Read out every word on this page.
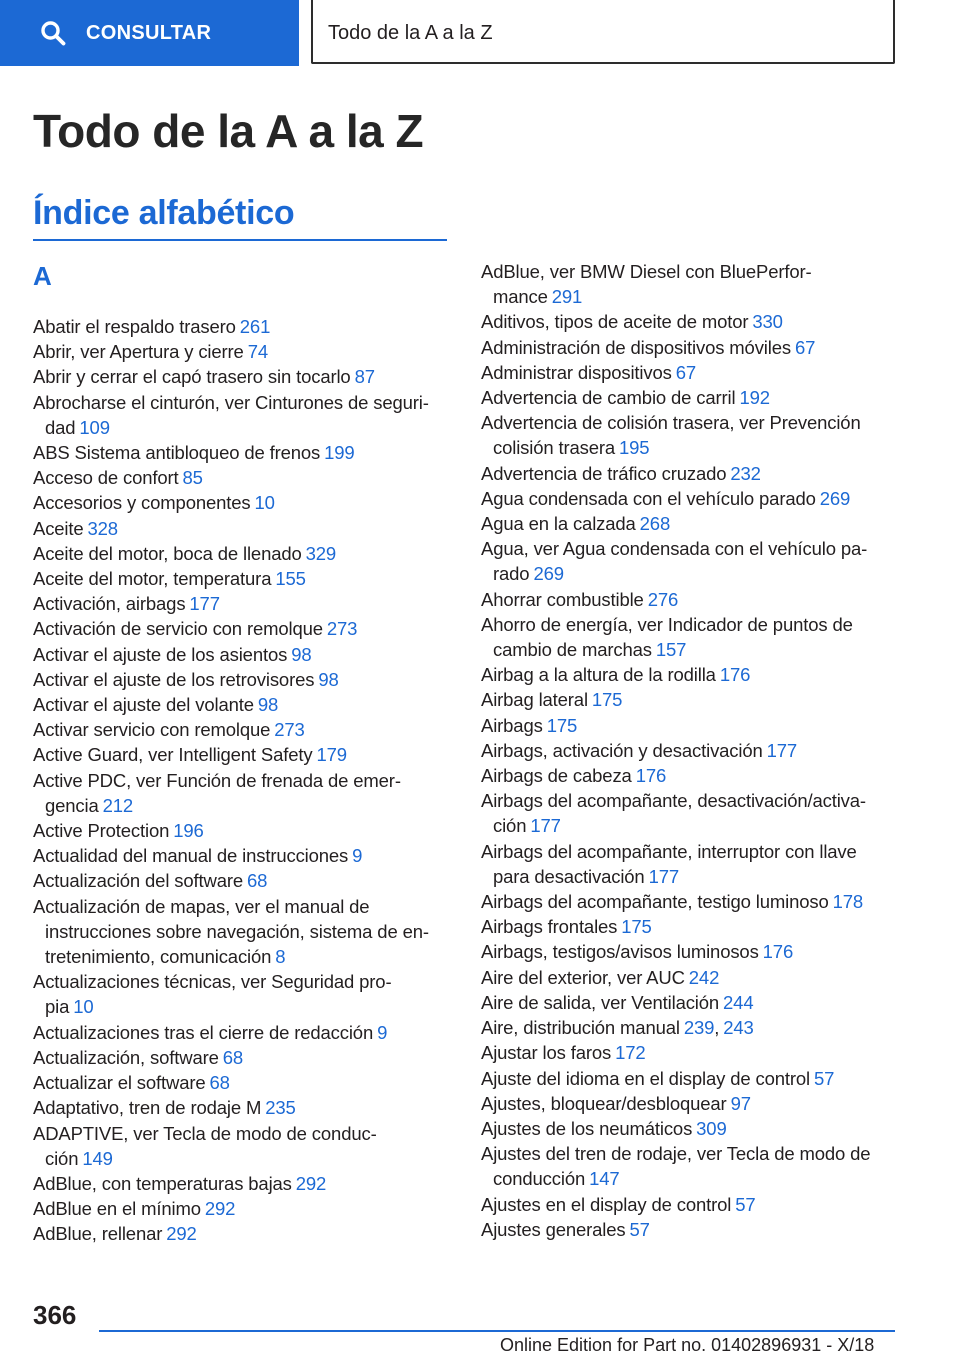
CONSULTAR	Todo de la A a la Z
Todo de la A a la Z
Índice alfabético
A
Abatir el respaldo trasero 261
Abrir, ver Apertura y cierre 74
Abrir y cerrar el capó trasero sin tocarlo 87
Abrocharse el cinturón, ver Cinturones de seguri-
dad 109
ABS Sistema antibloqueo de frenos 199
Acceso de confort 85
Accesorios y componentes 10
Aceite 328
Aceite del motor, boca de llenado 329
Aceite del motor, temperatura 155
Activación, airbags 177
Activación de servicio con remolque 273
Activar el ajuste de los asientos 98
Activar el ajuste de los retrovisores 98
Activar el ajuste del volante 98
Activar servicio con remolque 273
Active Guard, ver Intelligent Safety 179
Active PDC, ver Función de frenada de emer-
gencia 212
Active Protection 196
Actualidad del manual de instrucciones 9
Actualización del software 68
Actualización de mapas, ver el manual de
instrucciones sobre navegación, sistema de en-
tretenimiento, comunicación 8
Actualizaciones técnicas, ver Seguridad pro-
pia 10
Actualizaciones tras el cierre de redacción 9
Actualización, software 68
Actualizar el software 68
Adaptativo, tren de rodaje M 235
ADAPTIVE, ver Tecla de modo de conduc-
ción 149
AdBlue, con temperaturas bajas 292
AdBlue en el mínimo 292
AdBlue, rellenar 292
AdBlue, ver BMW Diesel con BluePerfor-
mance 291
Aditivos, tipos de aceite de motor 330
Administración de dispositivos móviles 67
Administrar dispositivos 67
Advertencia de cambio de carril 192
Advertencia de colisión trasera, ver Prevención
colisión trasera 195
Advertencia de tráfico cruzado 232
Agua condensada con el vehículo parado 269
Agua en la calzada 268
Agua, ver Agua condensada con el vehículo pa-
rado 269
Ahorrar combustible 276
Ahorro de energía, ver Indicador de puntos de
cambio de marchas 157
Airbag a la altura de la rodilla 176
Airbag lateral 175
Airbags 175
Airbags, activación y desactivación 177
Airbags de cabeza 176
Airbags del acompañante, desactivación/activa-
ción 177
Airbags del acompañante, interruptor con llave
para desactivación 177
Airbags del acompañante, testigo luminoso 178
Airbags frontales 175
Airbags, testigos/avisos luminosos 176
Aire del exterior, ver AUC 242
Aire de salida, ver Ventilación 244
Aire, distribución manual 239, 243
Ajustar los faros 172
Ajuste del idioma en el display de control 57
Ajustes, bloquear/desbloquear 97
Ajustes de los neumáticos 309
Ajustes del tren de rodaje, ver Tecla de modo de
conducción 147
Ajustes en el display de control 57
Ajustes generales 57
366
Online Edition for Part no. 01402896931 - X/18
